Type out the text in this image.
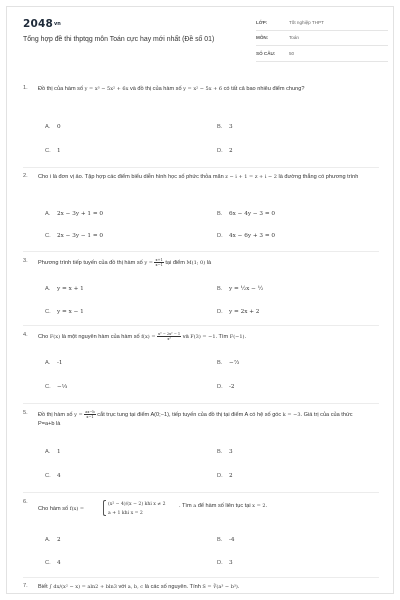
2048vn
Tổng hợp đề thi thptqg môn Toán cực hay mới nhất (Đề số 01)
LỚP:	Tốt nghiệp THPT
MÔN:	Toán
SỐ CÂU:	50
1. Đồ thị của hàm số y = x³ − 5x² + 6x và đồ thị của hàm số y = x² − 5x + 6 có tất cả bao nhiêu điểm chung?
A. 0	B. 3
C. 1	D. 2
2. Cho i là đơn vị ảo. Tập hợp các điểm biểu diễn hình học số phức thỏa mãn z − i + 1 = z + i − 2 là đường thẳng có phương trình
A. 2x − 3y + 1 = 0	B. 6x − 4y − 3 = 0
C. 2x − 3y − 1 = 0	D. 4x − 6y + 3 = 0
3. Phương trình tiếp tuyến của đồ thị hàm số $y = \frac{x+1}{x-1}$ tại điểm M(1; 0) là
A. y = x + 1	B. y = ½x − ½
C. y = x − 1	D. y = 2x + 2
4. Cho F(x) là một nguyên hàm của hàm số $f(x) = \frac{\text{x³ − 2x² − 1}}{\text{x²}}$ và F(3) = −1. Tìm F(−1).
A. -1	B. −⁷⁄₃
C. −⅓	D. -2
5. Đồ thị hàm số $y = \frac{ax-b}{x-1}$ cắt trục tung tại điểm A(0;−1), tiếp tuyến của đồ thị tại điểm A có hệ số góc k = −3. Giá trị của của thức P=a+b là
A. 1	B. 3
C. 4	D. 2
6.
Cho hàm số f(x) =
(x² − 4)/(x − 2) khi x ≠ 2
a + 1 khi x = 2
. Tìm a để hàm số liên tục tại x = 2.
A. 2	B. -4
C. 4	D. 3
7. Biết ∫ dx/(x² − x) = aln2 + bln3 với a, b, c là các số nguyên. Tính S = ∛(a³ − b³).
